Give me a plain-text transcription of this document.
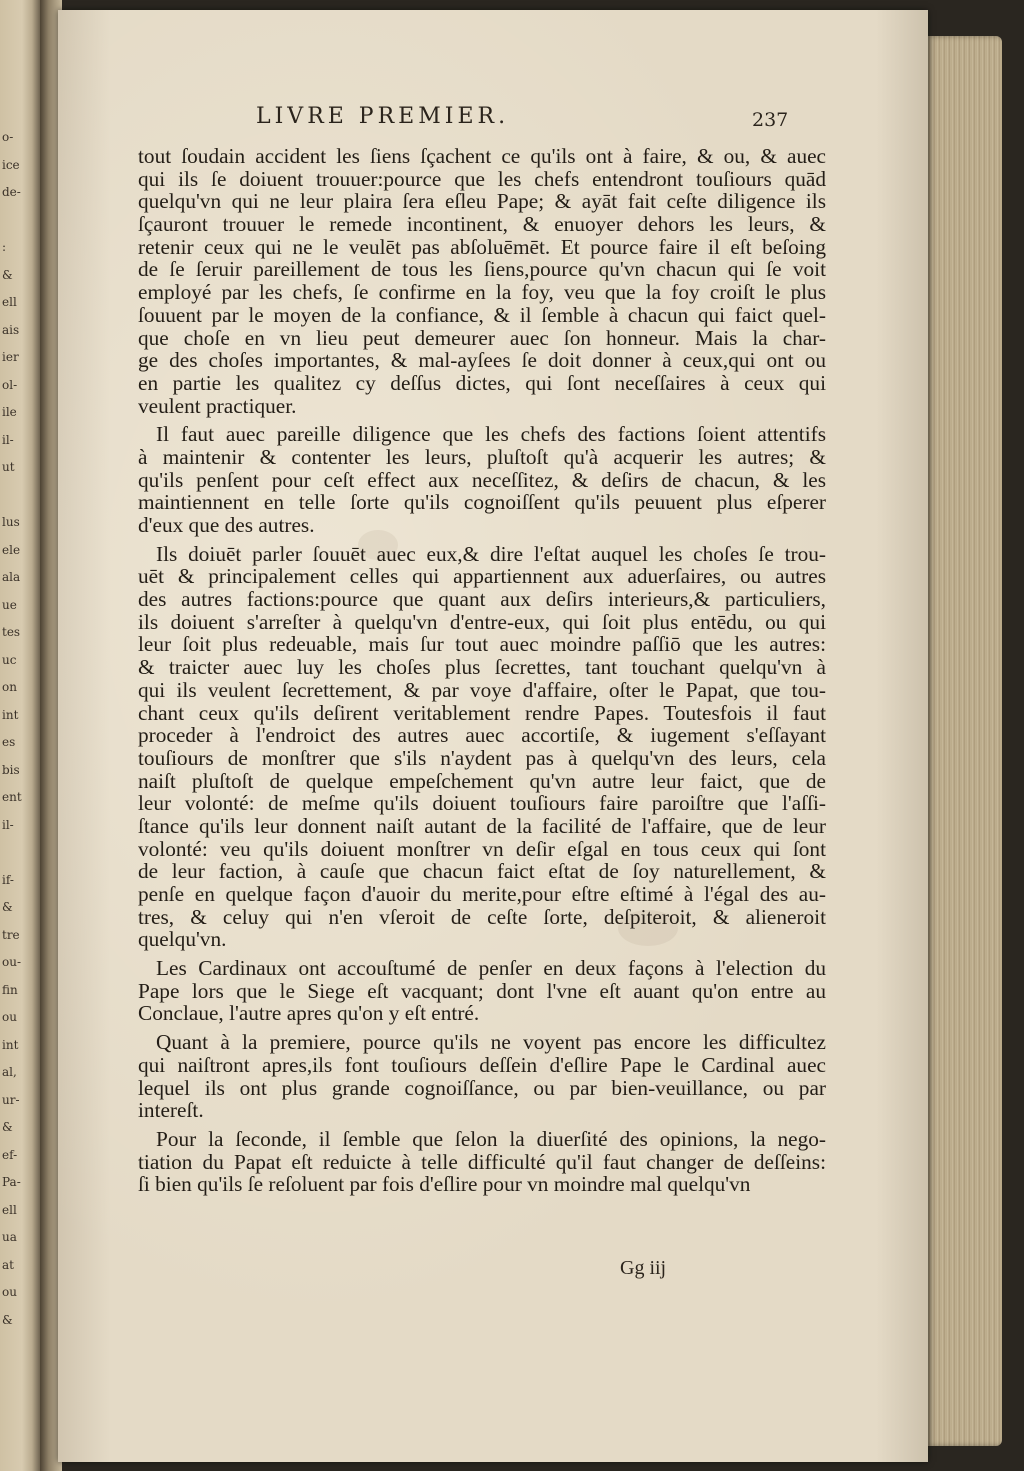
o-
ice
de-
:
&
ell
ais
ier
ol-
ile
il-
ut
lus
ele
ala
ue
tes
uc
on
int
es
bis
ent
il-
if-
&
tre
ou-
fin
ou
int
al,
ur-
&
ef-
Pa-
ell
ua
at
ou
&
LIVRE PREMIER.	237
tout ſoudain accident les ſiens ſçachent ce qu'ils ont à faire, & ou, & auec
qui ils ſe doiuent trouuer:pource que les chefs entendront touſiours quād
quelqu'vn qui ne leur plaira ſera eſleu Pape; & ayāt fait ceſte diligence ils
ſçauront trouuer le remede incontinent, & enuoyer dehors les leurs, &
retenir ceux qui ne le veulēt pas abſoluēmēt. Et pource faire il eſt beſoing
de ſe ſeruir pareillement de tous les ſiens,pource qu'vn chacun qui ſe voit
employé par les chefs, ſe confirme en la foy, veu que la foy croiſt le plus
ſouuent par le moyen de la confiance, & il ſemble à chacun qui faict quel-
que choſe en vn lieu peut demeurer auec ſon honneur. Mais la char-
ge des choſes importantes, & mal-ayſees ſe doit donner à ceux,qui ont ou
en partie les qualitez cy deſſus dictes, qui ſont neceſſaires à ceux qui
veulent practiquer.
Il faut auec pareille diligence que les chefs des factions ſoient attentifs
à maintenir & contenter les leurs, pluſtoſt qu'à acquerir les autres; &
qu'ils penſent pour ceſt effect aux neceſſitez, & deſirs de chacun, & les
maintiennent en telle ſorte qu'ils cognoiſſent qu'ils peuuent plus eſperer
d'eux que des autres.
Ils doiuēt parler ſouuēt auec eux,& dire l'eſtat auquel les choſes ſe trou-
uēt & principalement celles qui appartiennent aux aduerſaires, ou autres
des autres factions:pource que quant aux deſirs interieurs,& particuliers,
ils doiuent s'arreſter à quelqu'vn d'entre-eux, qui ſoit plus entēdu, ou qui
leur ſoit plus redeuable, mais ſur tout auec moindre paſſiō que les autres:
& traicter auec luy les choſes plus ſecrettes, tant touchant quelqu'vn à
qui ils veulent ſecrettement, & par voye d'affaire, oſter le Papat, que tou-
chant ceux qu'ils deſirent veritablement rendre Papes. Toutesfois il faut
proceder à l'endroict des autres auec accortiſe, & iugement s'eſſayant
touſiours de monſtrer que s'ils n'aydent pas à quelqu'vn des leurs, cela
naiſt pluſtoſt de quelque empeſchement qu'vn autre leur faict, que de
leur volonté: de meſme qu'ils doiuent touſiours faire paroiſtre que l'aſſi-
ſtance qu'ils leur donnent naiſt autant de la facilité de l'affaire, que de leur
volonté: veu qu'ils doiuent monſtrer vn deſir eſgal en tous ceux qui ſont
de leur faction, à cauſe que chacun faict eſtat de ſoy naturellement, &
penſe en quelque façon d'auoir du merite,pour eſtre eſtimé à l'égal des au-
tres, & celuy qui n'en vſeroit de ceſte ſorte, deſpiteroit, & alieneroit
quelqu'vn.
Les Cardinaux ont accouſtumé de penſer en deux façons à l'election du
Pape lors que le Siege eſt vacquant; dont l'vne eſt auant qu'on entre au
Conclaue, l'autre apres qu'on y eſt entré.
Quant à la premiere, pource qu'ils ne voyent pas encore les difficultez
qui naiſtront apres,ils font touſiours deſſein d'eſlire Pape le Cardinal auec
lequel ils ont plus grande cognoiſſance, ou par bien-veuillance, ou par
intereſt.
Pour la ſeconde, il ſemble que ſelon la diuerſité des opinions, la nego-
tiation du Papat eſt reduicte à telle difficulté qu'il faut changer de deſſeins:
ſi bien qu'ils ſe reſoluent par fois d'eſlire pour vn moindre mal quelqu'vn
Gg iij
